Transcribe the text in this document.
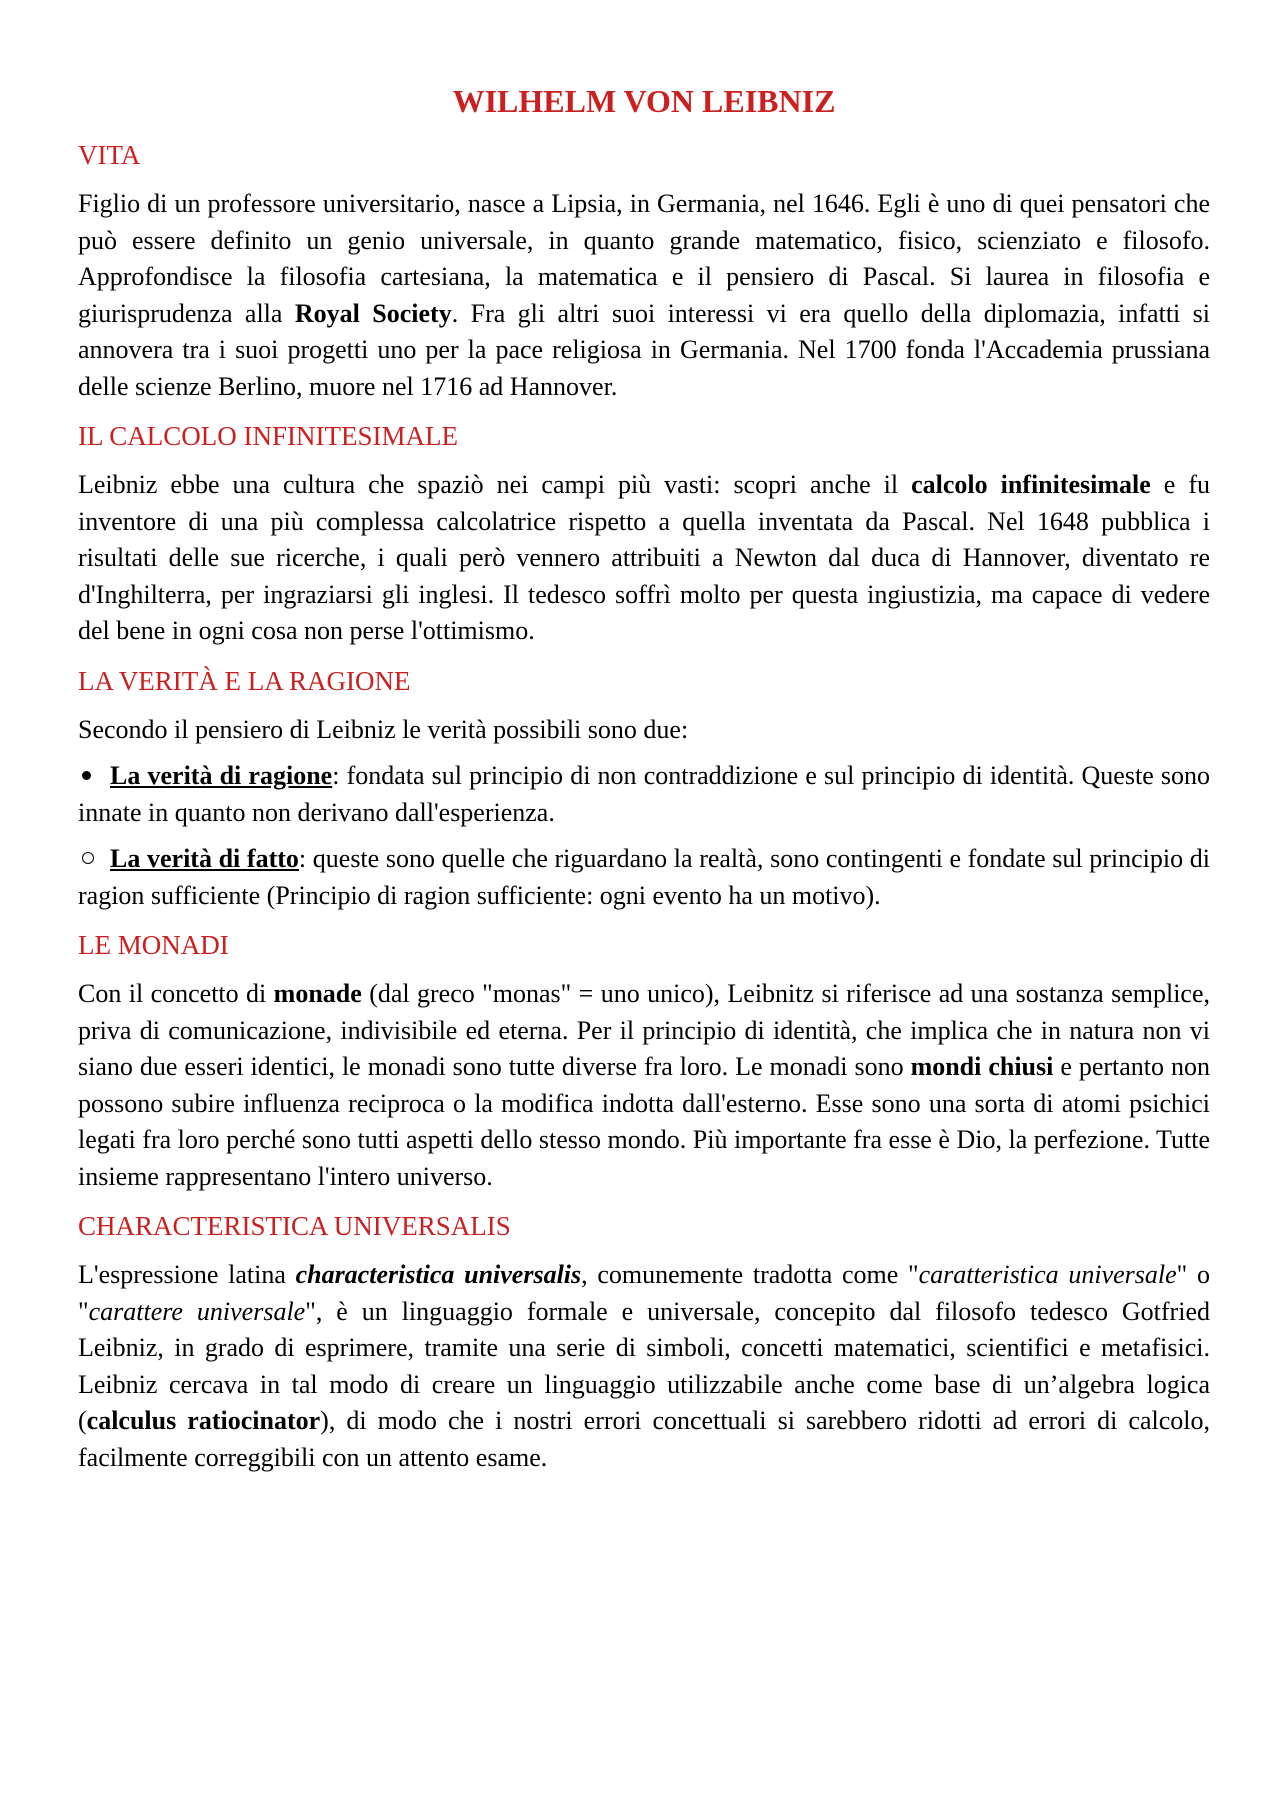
WILHELM VON LEIBNIZ
VITA

Figlio di un professore universitario, nasce a Lipsia, in Germania, nel 1646. Egli è uno di quei pensatori che può essere definito un genio universale, in quanto grande matematico, fisico, scienziato e filosofo. Approfondisce la filosofia cartesiana, la matematica e il pensiero di Pascal. Si laurea in filosofia e giurisprudenza alla Royal Society. Fra gli altri suoi interessi vi era quello della diplomazia, infatti si annovera tra i suoi progetti uno per la pace religiosa in Germania. Nel 1700 fonda l'Accademia prussiana delle scienze Berlino, muore nel 1716 ad Hannover.

IL CALCOLO INFINITESIMALE

Leibniz ebbe una cultura che spaziò nei campi più vasti: scopri anche il calcolo infinitesimale e fu inventore di una più complessa calcolatrice rispetto a quella inventata da Pascal. Nel 1648 pubblica i risultati delle sue ricerche, i quali però vennero attribuiti a Newton dal duca di Hannover, diventato re d'Inghilterra, per ingraziarsi gli inglesi. Il tedesco soffrì molto per questa ingiustizia, ma capace di vedere del bene in ogni cosa non perse l'ottimismo.

LA VERITÀ E LA RAGIONE

Secondo il pensiero di Leibniz le verità possibili sono due:

La verità di ragione: fondata sul principio di non contraddizione e sul principio di identità. Queste sono innate in quanto non derivano dall'esperienza.

La verità di fatto: queste sono quelle che riguardano la realtà, sono contingenti e fondate sul principio di ragion sufficiente (Principio di ragion sufficiente: ogni evento ha un motivo).

LE MONADI

Con il concetto di monade (dal greco "monas" = uno unico), Leibnitz si riferisce ad una sostanza semplice, priva di comunicazione, indivisibile ed eterna. Per il principio di identità, che implica che in natura non vi siano due esseri identici, le monadi sono tutte diverse fra loro. Le monadi sono mondi chiusi e pertanto non possono subire influenza reciproca o la modifica indotta dall'esterno. Esse sono una sorta di atomi psichici legati fra loro perché sono tutti aspetti dello stesso mondo. Più importante fra esse è Dio, la perfezione. Tutte insieme rappresentano l'intero universo.

CHARACTERISTICA UNIVERSALIS

L'espressione latina characteristica universalis, comunemente tradotta come "caratteristica universale" o "carattere universale", è un linguaggio formale e universale, concepito dal filosofo tedesco Gotfried Leibniz, in grado di esprimere, tramite una serie di simboli, concetti matematici, scientifici e metafisici. Leibniz cercava in tal modo di creare un linguaggio utilizzabile anche come base di un’algebra logica (calculus ratiocinator), di modo che i nostri errori concettuali si sarebbero ridotti ad errori di calcolo, facilmente correggibili con un attento esame.
